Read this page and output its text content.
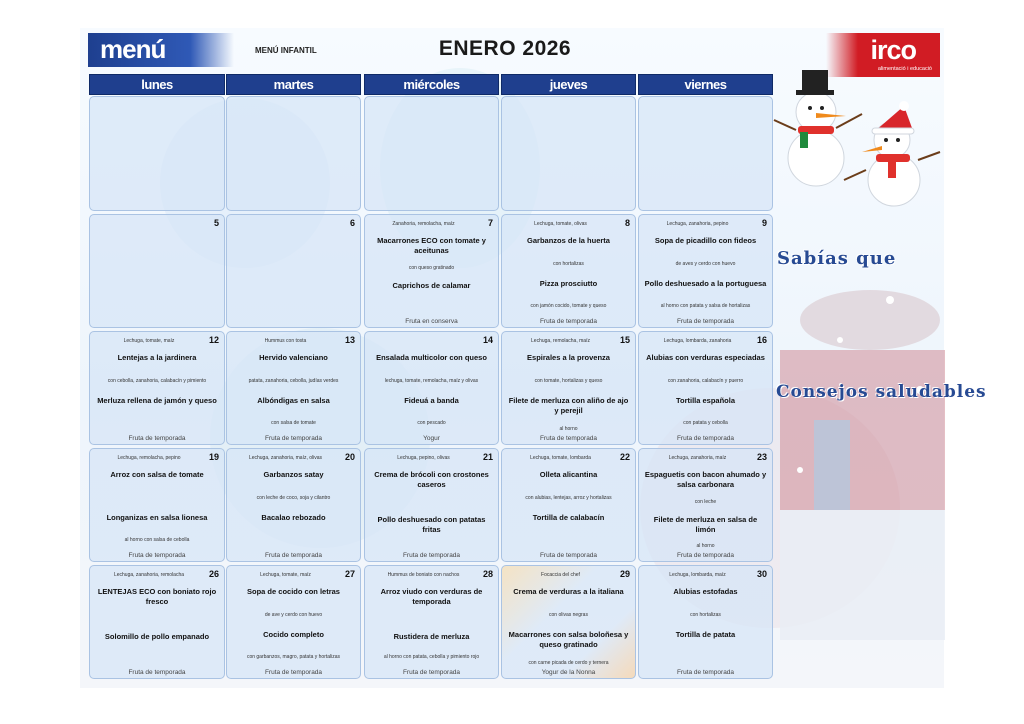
menú	MENÚ INFANTIL	ENERO 2026	irco
alimentació i educació
lunes	martes	miércoles	jueves	viernes
5	6	7
Zanahoria, remolacha, maíz
Macarrones ECO con tomate y aceitunas
con queso gratinado
Caprichos de calamar
Fruta en conserva
8
Lechuga, tomate, olivas
Garbanzos de la huerta
con hortalizas
Pizza prosciutto
con jamón cocido, tomate y queso
Fruta de temporada
9
Lechuga, zanahoria, pepino
Sopa de picadillo con fideos
de aves y cerdo con huevo
Pollo deshuesado a la portuguesa
al horno con patata y salsa de hortalizas
Fruta de temporada
12
Lechuga, tomate, maíz
Lentejas a la jardinera
con cebolla, zanahoria, calabacín y pimiento
Merluza rellena de jamón y queso
Fruta de temporada
13
Hummus con tosta
Hervido valenciano
patata, zanahoria, cebolla, judías verdes
Albóndigas en salsa
con salsa de tomate
Fruta de temporada
14
Ensalada multicolor con queso
lechuga, tomate, remolacha, maíz y olivas
Fideuá a banda
con pescado
Yogur
15
Lechuga, remolacha, maíz
Espirales a la provenza
con tomate, hortalizas y queso
Filete de merluza con aliño de ajo y perejil
al horno
Fruta de temporada
16
Lechuga, lombarda, zanahoria
Alubias con verduras especiadas
con zanahoria, calabacín y puerro
Tortilla española
con patata y cebolla
Fruta de temporada
19
Lechuga, remolacha, pepino
Arroz con salsa de tomate
Longanizas en salsa lionesa
al horno con salsa de cebolla
Fruta de temporada
20
Lechuga, zanahoria, maíz, olivas
Garbanzos satay
con leche de coco, soja y cilantro
Bacalao rebozado
Fruta de temporada
21
Lechuga, pepino, olivas
Crema de brócoli con crostones caseros
Pollo deshuesado con patatas fritas
Fruta de temporada
22
Lechuga, tomate, lombarda
Olleta alicantina
con alubias, lentejas, arroz y hortalizas
Tortilla de calabacín
Fruta de temporada
23
Lechuga, zanahoria, maíz
Espaguetis con bacon ahumado y salsa carbonara
con leche
Filete de merluza en salsa de limón
al horno
Fruta de temporada
26
Lechuga, zanahoria, remolacha
LENTEJAS ECO con boniato rojo fresco
Solomillo de pollo empanado
Fruta de temporada
27
Lechuga, tomate, maíz
Sopa de cocido con letras
de ave y cerdo con huevo
Cocido completo
con garbanzos, magro, patata y hortalizas
Fruta de temporada
28
Hummus de boniato con nachos
Arroz viudo con verduras de temporada
Rustidera de merluza
al horno con patata, cebolla y pimiento rojo
Fruta de temporada
29
Focaccia del chef
Crema de verduras a la italiana
con olivas negras
Macarrones con salsa boloñesa y queso gratinado
con carne picada de cerdo y ternera
Yogur de la Nonna
30
Lechuga, lombarda, maíz
Alubias estofadas
con hortalizas
Tortilla de patata
Fruta de temporada
Sabías que
Consejos saludables
